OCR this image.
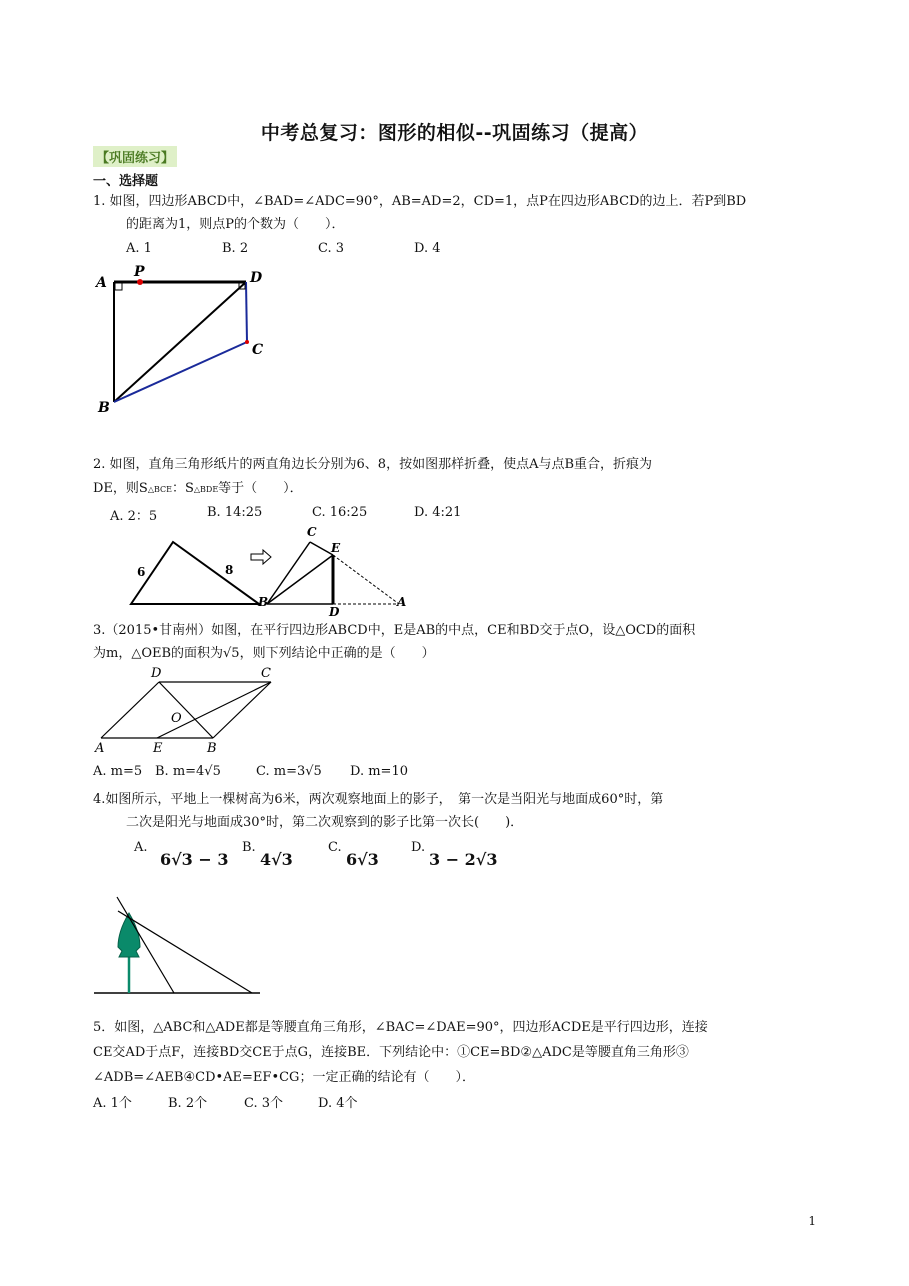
中考总复习：图形的相似--巩固练习（提高）
【巩固练习】
一、选择题
1. 如图，四边形ABCD中，∠BAD=∠ADC=90°，AB=AD=2，CD=1，点P在四边形ABCD的边上．若P到BD
的距离为1，则点P的个数为（　　）．
A. 1	B. 2	C. 3	D. 4
A
P	D
C
B
2. 如图，直角三角形纸片的两直角边长分别为6、8，按如图那样折叠，使点A与点B重合，折痕为
DE，则S△BCE：S△BDE等于（　　）．
A. 2：5	B. 14:25	C. 16:25	D. 4:21
6	8
C
E
B
D
A
3.（2015•甘南州）如图，在平行四边形ABCD中，E是AB的中点，CE和BD交于点O，设△OCD的面积
为m，△OEB的面积为√5，则下列结论中正确的是（　　）
D	C
O
A	E	B
A. m=5 B. m=4√5	C. m=3√5 D. m=10
4.如图所示，平地上一棵树高为6米，两次观察地面上的影子，　第一次是当阳光与地面成60°时，第
二次是阳光与地面成30°时，第二次观察到的影子比第一次长(　　)．
A.
6√3 − 3
B.
4√3
C.
6√3
D.
3 − 2√3
5．如图，△ABC和△ADE都是等腰直角三角形，∠BAC=∠DAE=90°，四边形ACDE是平行四边形，连接
CE交AD于点F，连接BD交CE于点G，连接BE．下列结论中：①CE=BD②△ADC是等腰直角三角形③
∠ADB=∠AEB④CD•AE=EF•CG；一定正确的结论有（　　）．
A. 1个	B. 2个	C. 3个	D. 4个
1
